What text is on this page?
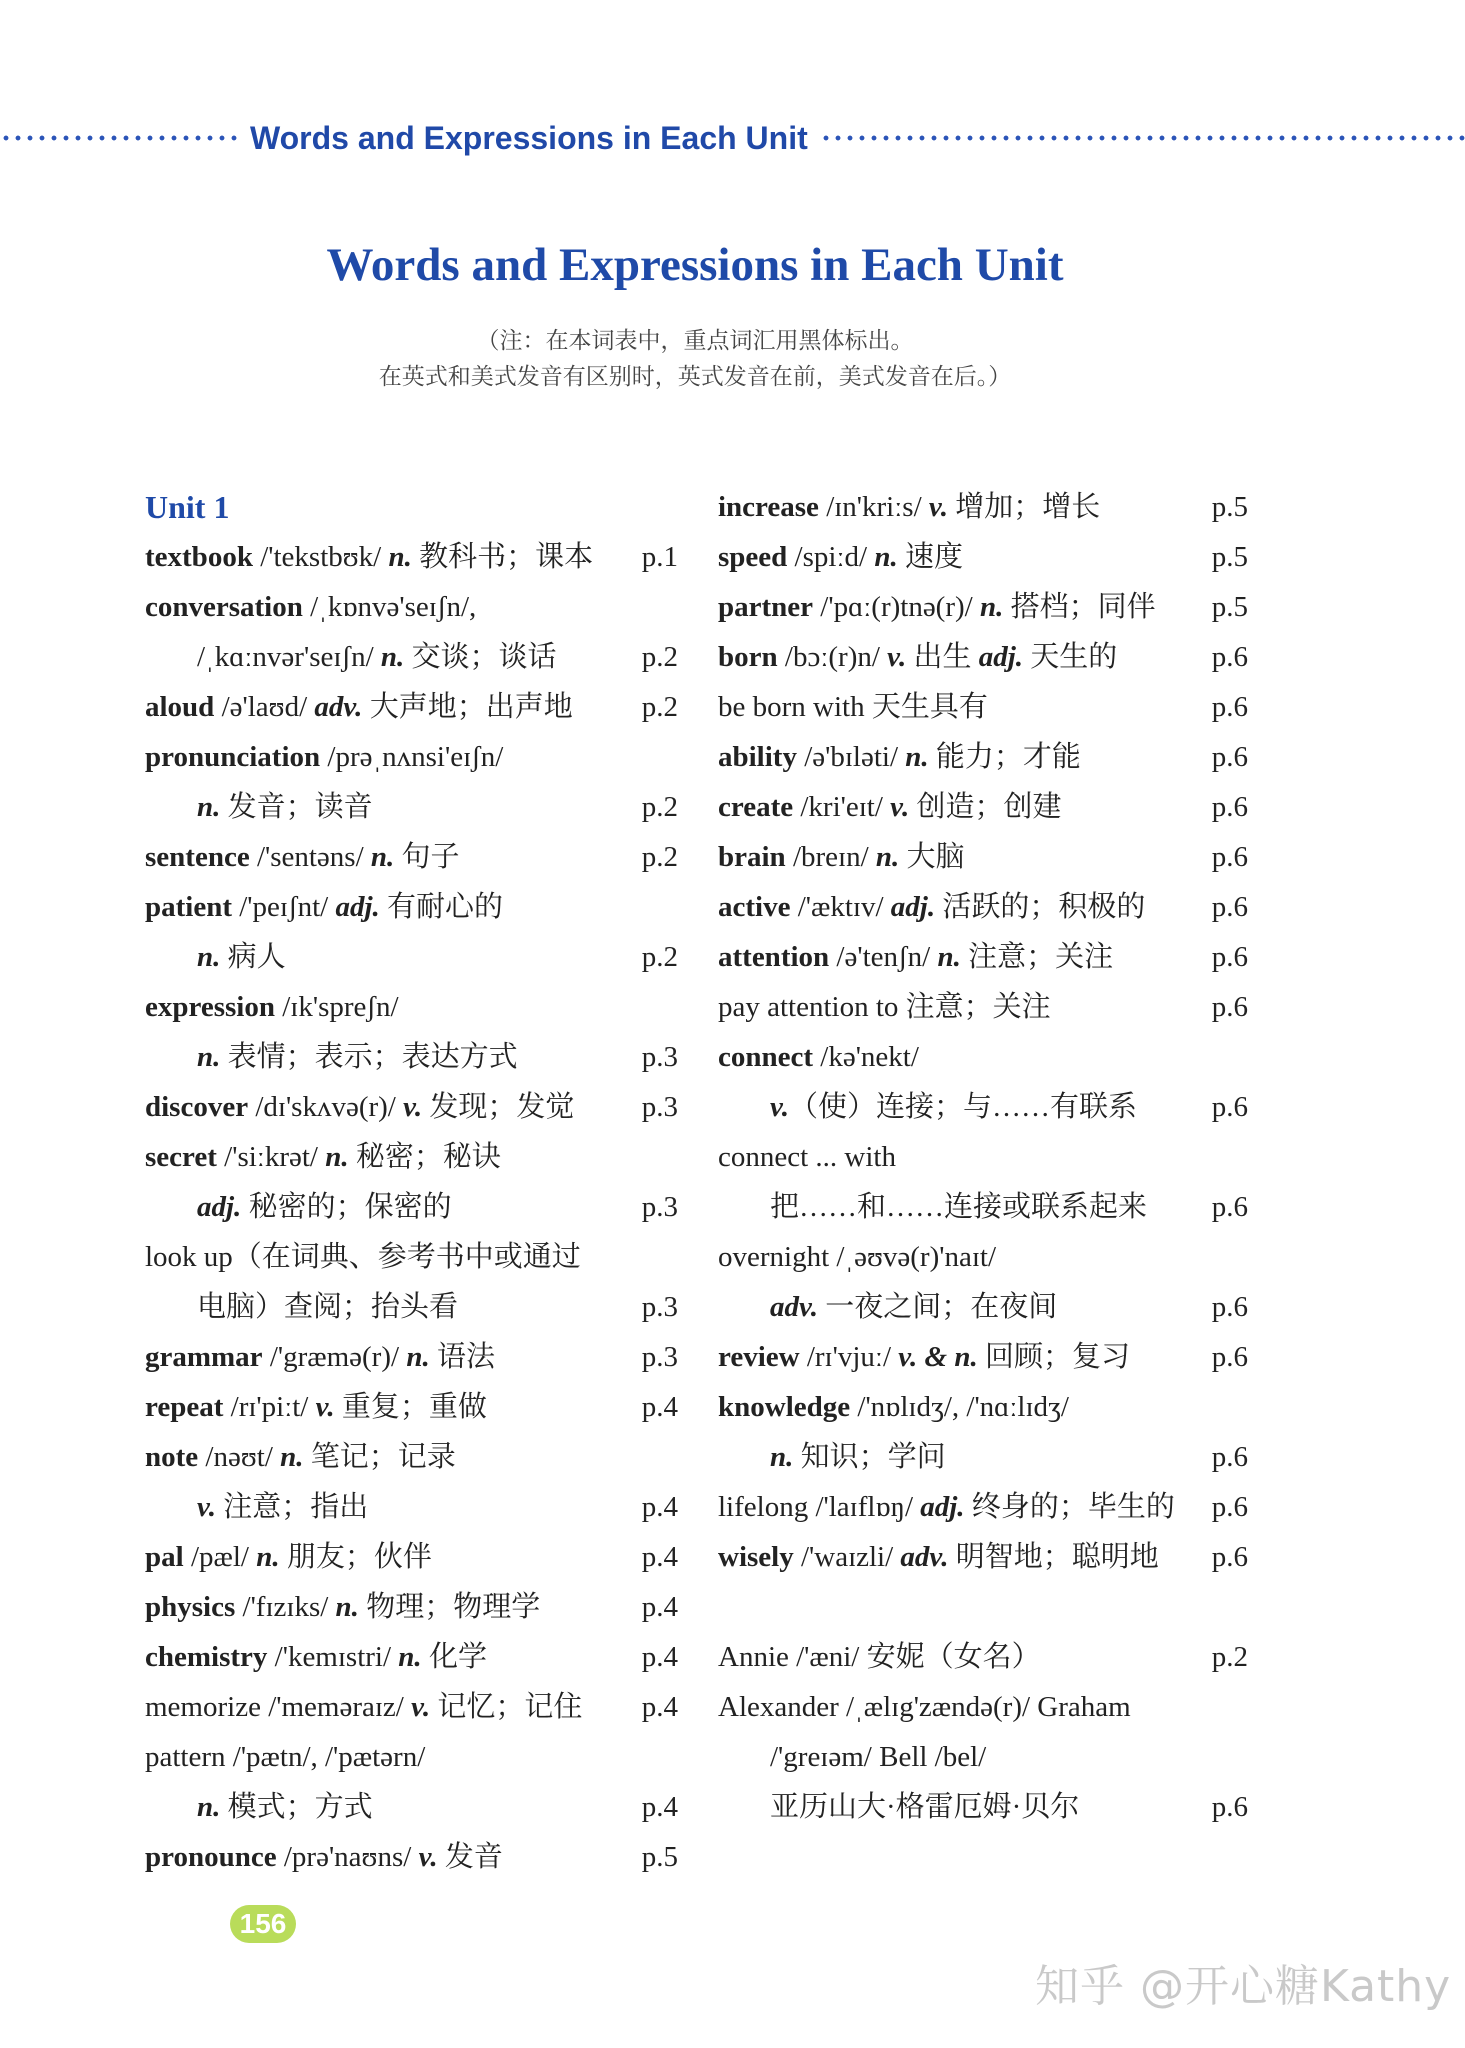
Words and Expressions in Each Unit
Words and Expressions in Each Unit
（注：在本词表中，重点词汇用黑体标出。
在英式和美式发音有区别时，英式发音在前，美式发音在后。）
Unit 1
textbook /'tekstbʊk/ n. 教科书；课本 p.1
conversation /ˌkɒnvə'seɪʃn/,
/ˌkɑːnvər'seɪʃn/ n. 交谈；谈话	p.2
aloud /ə'laʊd/ adv. 大声地；出声地 p.2
pronunciation /prəˌnʌnsi'eɪʃn/
n. 发音；读音	p.2
sentence /'sentəns/ n. 句子	p.2
patient /'peɪʃnt/ adj. 有耐心的
n. 病人	p.2
expression /ɪk'spreʃn/
n. 表情；表示；表达方式	p.3
discover /dɪ'skʌvə(r)/ v. 发现；发觉 p.3
secret /'siːkrət/ n. 秘密；秘诀
adj. 秘密的；保密的	p.3
look up（在词典、参考书中或通过
电脑）查阅；抬头看	p.3
grammar /'græmə(r)/ n. 语法	p.3
repeat /rɪ'piːt/ v. 重复；重做	p.4
note /nəʊt/ n. 笔记；记录
v. 注意；指出	p.4
pal /pæl/ n. 朋友；伙伴	p.4
physics /'fɪzɪks/ n. 物理；物理学	p.4
chemistry /'kemɪstri/ n. 化学	p.4
memorize /'meməraɪz/ v. 记忆；记住 p.4
pattern /'pætn/, /'pætərn/
n. 模式；方式	p.4
pronounce /prə'naʊns/ v. 发音	p.5
increase /ɪn'kriːs/ v. 增加；增长	p.5
speed /spiːd/ n. 速度	p.5
partner /'pɑː(r)tnə(r)/ n. 搭档；同伴 p.5
born /bɔː(r)n/ v. 出生 adj. 天生的	p.6
be born with 天生具有	p.6
ability /ə'bɪləti/ n. 能力；才能	p.6
create /kri'eɪt/ v. 创造；创建	p.6
brain /breɪn/ n. 大脑	p.6
active /'æktɪv/ adj. 活跃的；积极的 p.6
attention /ə'tenʃn/ n. 注意；关注	p.6
pay attention to 注意；关注	p.6
connect /kə'nekt/
v.（使）连接；与……有联系	p.6
connect ... with
把……和……连接或联系起来 p.6
overnight /ˌəʊvə(r)'naɪt/
adv. 一夜之间；在夜间	p.6
review /rɪ'vjuː/ v. & n. 回顾；复习	p.6
knowledge /'nɒlɪdʒ/, /'nɑːlɪdʒ/
n. 知识；学问	p.6
lifelong /'laɪflɒŋ/ adj. 终身的；毕生的 p.6
wisely /'waɪzli/ adv. 明智地；聪明地 p.6
Annie /'æni/ 安妮（女名）	p.2
Alexander /ˌælɪg'zændə(r)/ Graham
/'greɪəm/ Bell /bel/
亚历山大·格雷厄姆·贝尔	p.6
156
知乎 @开心糖Kathy
